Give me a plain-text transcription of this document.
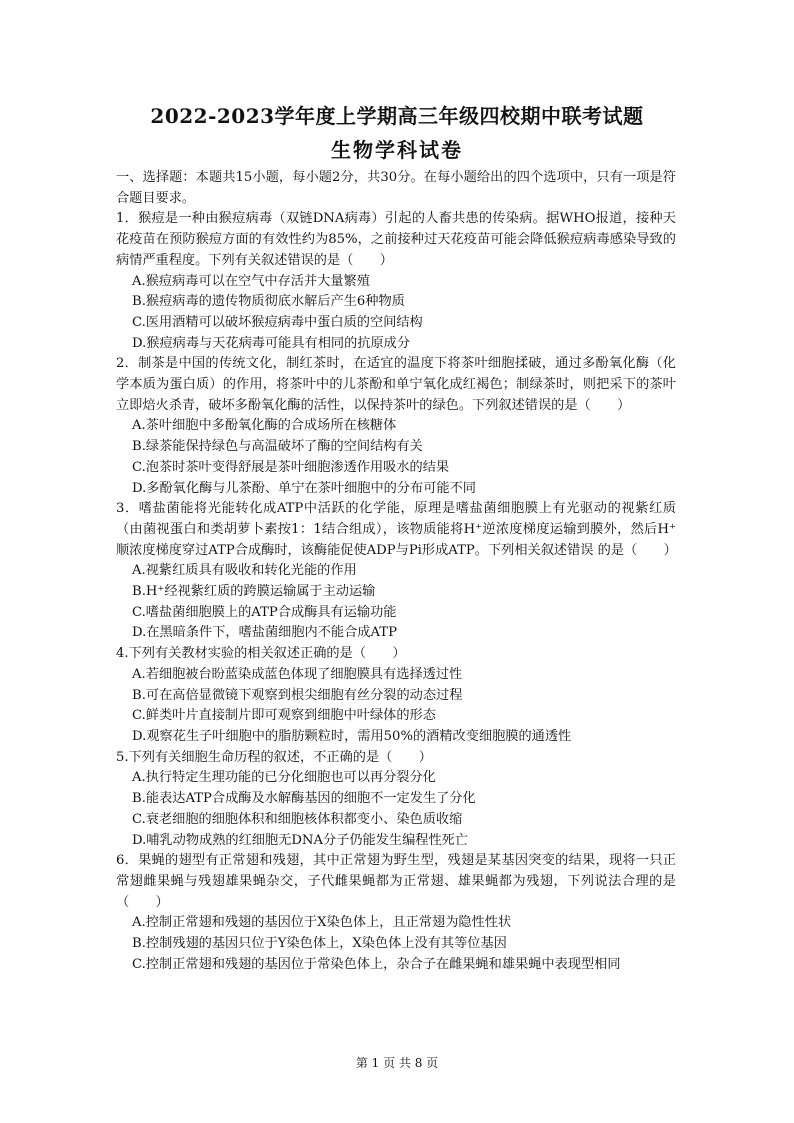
2022-2023学年度上学期高三年级四校期中联考试题
生物学科试卷

一、选择题：本题共15小题，每小题2分，共30分。在每小题给出的四个选项中，只有一项是符合题目要求。

1．猴痘是一种由猴痘病毒（双链DNA病毒）引起的人畜共患的传染病。据WHO报道，接种天花疫苗在预防猴痘方面的有效性约为85%，之前接种过天花疫苗可能会降低猴痘病毒感染导致的病情严重程度。下列有关叙述错误的是（　　）

A.猴痘病毒可以在空气中存活并大量繁殖

B.猴痘病毒的遗传物质彻底水解后产生6种物质

C.医用酒精可以破坏猴痘病毒中蛋白质的空间结构

D.猴痘病毒与天花病毒可能具有相同的抗原成分

2．制茶是中国的传统文化，制红茶时，在适宜的温度下将茶叶细胞揉破，通过多酚氧化酶（化学本质为蛋白质）的作用，将茶叶中的儿茶酚和单宁氧化成红褐色；制绿茶时，则把采下的茶叶立即焙火杀青，破坏多酚氧化酶的活性，以保持茶叶的绿色。下列叙述错误的是（　　）

A.茶叶细胞中多酚氧化酶的合成场所在核糖体

B.绿茶能保持绿色与高温破坏了酶的空间结构有关

C.泡茶时茶叶变得舒展是茶叶细胞渗透作用吸水的结果

D.多酚氧化酶与儿茶酚、单宁在茶叶细胞中的分布可能不同

3．嗜盐菌能将光能转化成ATP中活跃的化学能，原理是嗜盐菌细胞膜上有光驱动的视紫红质（由菌视蛋白和类胡萝卜素按1：1结合组成），该物质能将H⁺逆浓度梯度运输到膜外，然后H⁺顺浓度梯度穿过ATP合成酶时，该酶能促使ADP与Pi形成ATP。下列相关叙述错误 的是（　　）

A.视紫红质具有吸收和转化光能的作用

B.H⁺经视紫红质的跨膜运输属于主动运输

C.嗜盐菌细胞膜上的ATP合成酶具有运输功能

D.在黑暗条件下，嗜盐菌细胞内不能合成ATP

4.下列有关教材实验的相关叙述正确的是（　　）

A.若细胞被台盼蓝染成蓝色体现了细胞膜具有选择透过性

B.可在高倍显微镜下观察到根尖细胞有丝分裂的动态过程

C.鲜类叶片直接制片即可观察到细胞中叶绿体的形态

D.观察花生子叶细胞中的脂肪颗粒时，需用50%的酒精改变细胞膜的通透性

5.下列有关细胞生命历程的叙述，不正确的是（　　）

A.执行特定生理功能的已分化细胞也可以再分裂分化

B.能表达ATP合成酶及水解酶基因的细胞不一定发生了分化

C.衰老细胞的细胞体积和细胞核体积都变小、染色质收缩

D.哺乳动物成熟的红细胞无DNA分子仍能发生编程性死亡

6．果蝇的翅型有正常翅和残翅，其中正常翅为野生型，残翅是某基因突变的结果，现将一只正常翅雌果蝇与残翅雄果蝇杂交，子代雌果蝇都为正常翅、雄果蝇都为残翅，下列说法合理的是（　　）

A.控制正常翅和残翅的基因位于X染色体上，且正常翅为隐性性状

B.控制残翅的基因只位于Y染色体上，X染色体上没有其等位基因

C.控制正常翅和残翅的基因位于常染色体上，杂合子在雌果蝇和雄果蝇中表现型相同

第 1 页 共 8 页
